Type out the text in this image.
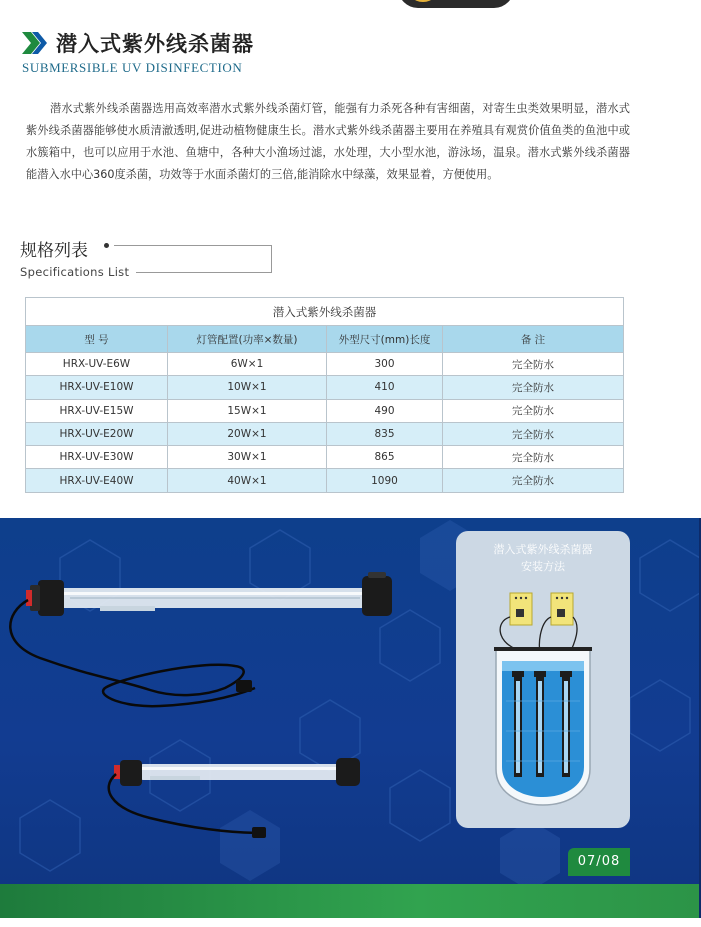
潜入式紫外线杀菌器
SUBMERSIBLE UV DISINFECTION

潜水式紫外线杀菌器选用高效率潜水式紫外线杀菌灯管，能强有力杀死各种有害细菌，对寄生虫类效果明显，潜水式紫外线杀菌器能够使水质清澈透明,促进动植物健康生长。潜水式紫外线杀菌器主要用在养殖具有观赏价值鱼类的鱼池中或水簇箱中，也可以应用于水池、鱼塘中，各种大小渔场过滤，水处理，大小型水池，游泳场，温泉。潜水式紫外线杀菌器能潜入水中心360度杀菌，功效等于水面杀菌灯的三倍,能消除水中绿藻，效果显着，方便使用。

规格列表
Specifications List
潜入式紫外线杀菌器			
型 号	灯管配置(功率×数量)	外型尺寸(mm)长度	备 注
HRX-UV-E6W	6W×1	300	完全防水
HRX-UV-E10W	10W×1	410	完全防水
HRX-UV-E15W	15W×1	490	完全防水
HRX-UV-E20W	20W×1	835	完全防水
HRX-UV-E30W	30W×1	865	完全防水
HRX-UV-E40W	40W×1	1090	完全防水
潜入式紫外线杀菌器
安装方法
07/08
